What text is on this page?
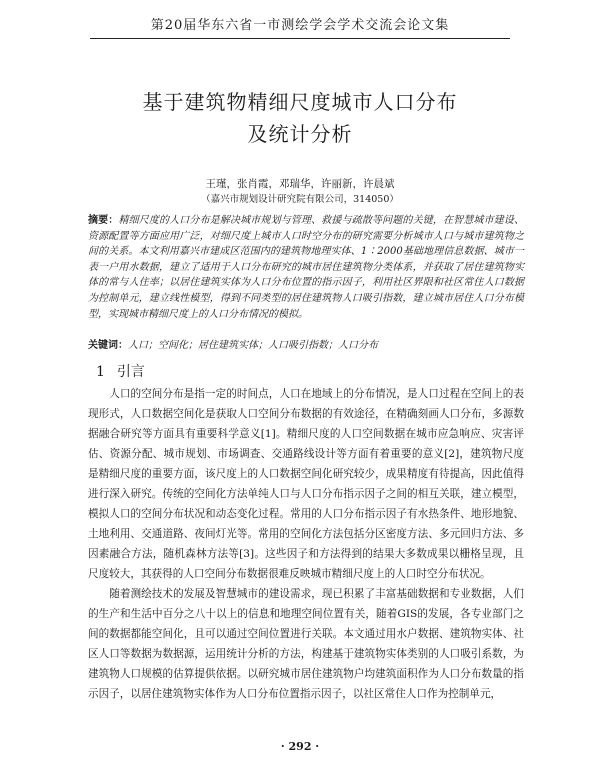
第20届华东六省一市测绘学会学术交流会论文集
基于建筑物精细尺度城市人口分布
及统计分析
王瑾，张肖霞，邓瑞华，许丽新，许晨斌
（嘉兴市规划设计研究院有限公司，314050）
摘要：精细尺度的人口分布是解决城市规划与管理、救援与疏散等问题的关键，在智慧城市建设、资源配置等方面应用广泛，对细尺度上城市人口时空分布的研究需要分析城市人口与城市建筑物之间的关系。本文利用嘉兴市建成区范围内的建筑物地理实体、1∶2000基础地理信息数据、城市一表一户用水数据，建立了适用于人口分布研究的城市居住建筑物分类体系，并获取了居住建筑物实体的常与人住率；以居住建筑实体为人口分布位置的指示因子，利用社区界限和社区常住人口数据为控制单元，建立线性模型，得到不同类型的居住建筑物人口吸引指数，建立城市居住人口分布模型，实现城市精细尺度上的人口分布情况的模拟。
关键词：人口；空间化；居住建筑实体；人口吸引指数；人口分布
1 引言

人口的空间分布是指一定的时间点，人口在地域上的分布情况，是人口过程在空间上的表现形式，人口数据空间化是获取人口空间分布数据的有效途径，在精确刻画人口分布，多源数据融合研究等方面具有重要科学意义[1]。精细尺度的人口空间数据在城市应急响应、灾害评估、资源分配、城市规划、市场调查、交通路线设计等方面有着重要的意义[2]，建筑物尺度是精细尺度的重要方面，该尺度上的人口数据空间化研究较少，成果精度有待提高，因此值得进行深入研究。传统的空间化方法单纯人口与人口分布指示因子之间的相互关联，建立模型，模拟人口的空间分布状况和动态变化过程。常用的人口分布指示因子有水热条件、地形地貌、土地利用、交通道路、夜间灯光等。常用的空间化方法包括分区密度方法、多元回归方法、多因素融合方法，随机森林方法等[3]。这些因子和方法得到的结果大多数成果以栅格呈现，且尺度较大，其获得的人口空间分布数据很难反映城市精细尺度上的人口时空分布状况。

随着测绘技术的发展及智慧城市的建设需求，现已积累了丰富基础数据和专业数据，人们的生产和生活中百分之八十以上的信息和地理空间位置有关，随着GIS的发展，各专业部门之间的数据都能空间化，且可以通过空间位置进行关联。本文通过用水户数据、建筑物实体、社区人口等数据为数据源，运用统计分析的方法，构建基于建筑物实体类别的人口吸引系数，为建筑物人口规模的估算提供依据。以研究城市居住建筑物户均建筑面积作为人口分布数量的指示因子，以居住建筑物实体作为人口分布位置指示因子，以社区常住人口作为控制单元，

· 292 ·
